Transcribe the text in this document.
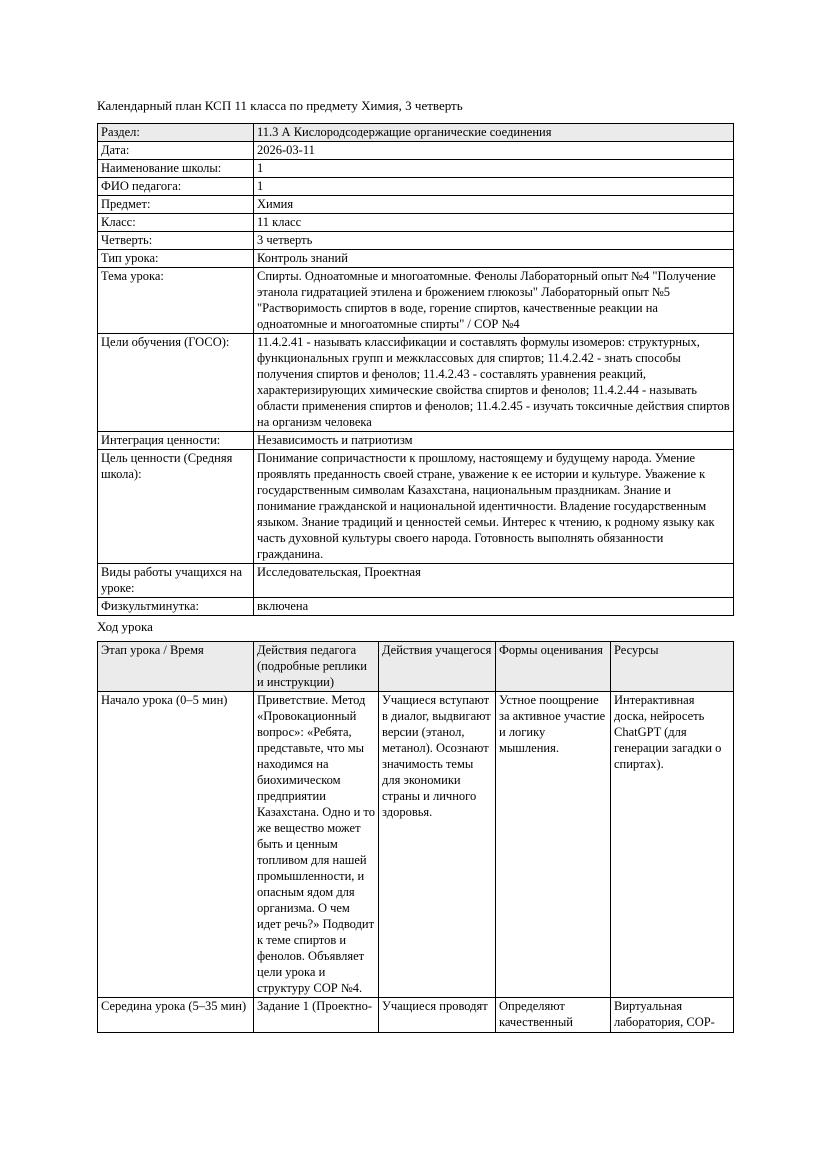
Календарный план КСП 11 класса по предмету Химия, 3 четверть

Раздел:	11.3 А Кислородсодержащие органические соединения
Дата:	2026-03-11
Наименование школы:	1
ФИО педагога:	1
Предмет:	Химия
Класс:	11 класс
Четверть:	3 четверть
Тип урока:	Контроль знаний
Тема урока:	Спирты. Одноатомные и многоатомные. Фенолы Лабораторный опыт №4 "Получение этанола гидратацией этилена и брожением глюкозы" Лабораторный опыт №5 "Растворимость спиртов в воде, горение спиртов, качественные реакции на одноатомные и многоатомные спирты" / СОР №4
Цели обучения (ГОСО):	11.4.2.41 - называть классификации и составлять формулы изомеров: структурных, функциональных групп и межклассовых для спиртов; 11.4.2.42 - знать способы получения спиртов и фенолов; 11.4.2.43 - составлять уравнения реакций, характеризирующих химические свойства спиртов и фенолов; 11.4.2.44 - называть области применения спиртов и фенолов; 11.4.2.45 - изучать токсичные действия спиртов на организм человека
Интеграция ценности:	Независимость и патриотизм
Цель ценности (Средняя школа):	Понимание сопричастности к прошлому, настоящему и будущему народа. Умение проявлять преданность своей стране, уважение к ее истории и культуре. Уважение к государственным символам Казахстана, национальным праздникам. Знание и понимание гражданской и национальной идентичности. Владение государственным языком. Знание традиций и ценностей семьи. Интерес к чтению, к родному языку как часть духовной культуры своего народа. Готовность выполнять обязанности гражданина.
Виды работы учащихся на уроке:	Исследовательская, Проектная
Физкультминутка:	включена

Ход урока

Этап урока / Время	Действия педагога (подробные реплики и инструкции)	Действия учащегося	Формы оценивания	Ресурсы
Начало урока (0–5 мин)	Приветствие. Метод «Провокационный вопрос»: «Ребята, представьте, что мы находимся на биохимическом предприятии Казахстана. Одно и то же вещество может быть и ценным топливом для нашей промышленности, и опасным ядом для организма. О чем идет речь?» Подводит к теме спиртов и фенолов. Объявляет цели урока и структуру СОР №4.	Учащиеся вступают в диалог, выдвигают версии (этанол, метанол). Осознают значимость темы для экономики страны и личного здоровья.	Устное поощрение за активное участие и логику мышления.	Интерактивная доска, нейросеть ChatGPT (для генерации загадки о спиртах).
Середина урока (5–35 мин)	Задание 1 (Проектно-	Учащиеся проводят	Определяют качественный	Виртуальная лаборатория, СОР-
